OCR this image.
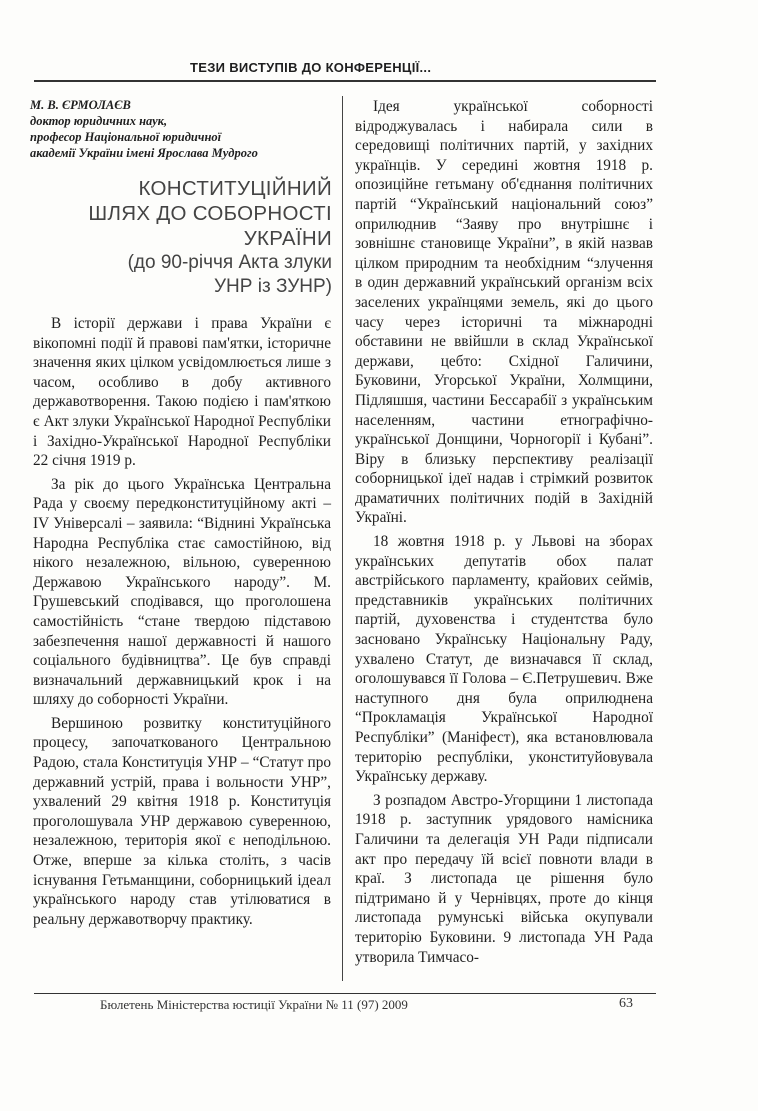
ТЕЗИ ВИСТУПІВ ДО КОНФЕРЕНЦІЇ...
М. В. ЄРМОЛАЄВ
доктор юридичних наук,
професор Національної юридичної
академії України імені Ярослава Мудрого
КОНСТИТУЦІЙНИЙ
ШЛЯХ ДО СОБОРНОСТІ
УКРАЇНИ
(до 90-річчя Акта злуки
УНР із ЗУНР)

В історії держави і права України є вікопомні події й правові пам'ятки, історичне значення яких цілком усвідомлюється лише з часом, особливо в добу активного державотворення. Такою подією і пам'яткою є Акт злуки Української Народної Республіки і Західно-Української Народної Республіки 22 січня 1919 р.

За рік до цього Українська Центральна Рада у своєму передконституційному акті – IV Універсалі – заявила: “Віднині Українська Народна Республіка стає самостійною, від нікого незалежною, вільною, суверенною Державою Українського народу”. М. Грушевський сподівався, що проголошена самостійність “стане твердою підставою забезпечення нашої державності й нашого соціального будівництва”. Це був справді визначальний державницький крок і на шляху до соборності України.

Вершиною розвитку конституційного процесу, започаткованого Центральною Радою, стала Конституція УНР – “Статут про державний устрій, права і вольности УНР”, ухвалений 29 квітня 1918 р. Конституція проголошувала УНР державою суверенною, незалежною, територія якої є неподільною. Отже, вперше за кілька століть, з часів існування Гетьманщини, соборницький ідеал українського народу став утілюватися в реальну державотворчу практику.

Ідея української соборності відроджувалась і набирала сили в середовищі політичних партій, у західних українців. У середині жовтня 1918 р. опозиційне гетьману об'єднання політичних партій “Український національний союз” оприлюднив “Заяву про внутрішнє і зовнішнє становище України”, в якій назвав цілком природним та необхідним “злучення в один державний український організм всіх заселених українцями земель, які до цього часу через історичні та міжнародні обставини не ввійшли в склад Української держави, цебто: Східної Галичини, Буковини, Угорської України, Холмщини, Підляшшя, частини Бессарабії з українським населенням, частини етнографічно-української Донщини, Чорногорії і Кубані”. Віру в близьку перспективу реалізації соборницької ідеї надав і стрімкий розвиток драматичних політичних подій в Західній Україні.

18 жовтня 1918 р. у Львові на зборах українських депутатів обох палат австрійського парламенту, крайових сеймів, представників українських політичних партій, духовенства і студентства було засновано Українську Національну Раду, ухвалено Статут, де визначався її склад, оголошувався її Голова – Є.Петрушевич. Вже наступного дня була оприлюднена “Прокламація Української Народної Республіки” (Маніфест), яка встановлювала територію республіки, уконституйовувала Українську державу.

З розпадом Австро-Угорщини 1 листопада 1918 р. заступник урядового намісника Галичини та делегація УН Ради підписали акт про передачу їй всієї повноти влади в краї. З листопада це рішення було підтримано й у Чернівцях, проте до кінця листопада румунські війська окупували територію Буковини. 9 листопада УН Рада утворила Тимчасо-

Бюлетень Міністерства юстиції України № 11 (97) 2009	63
